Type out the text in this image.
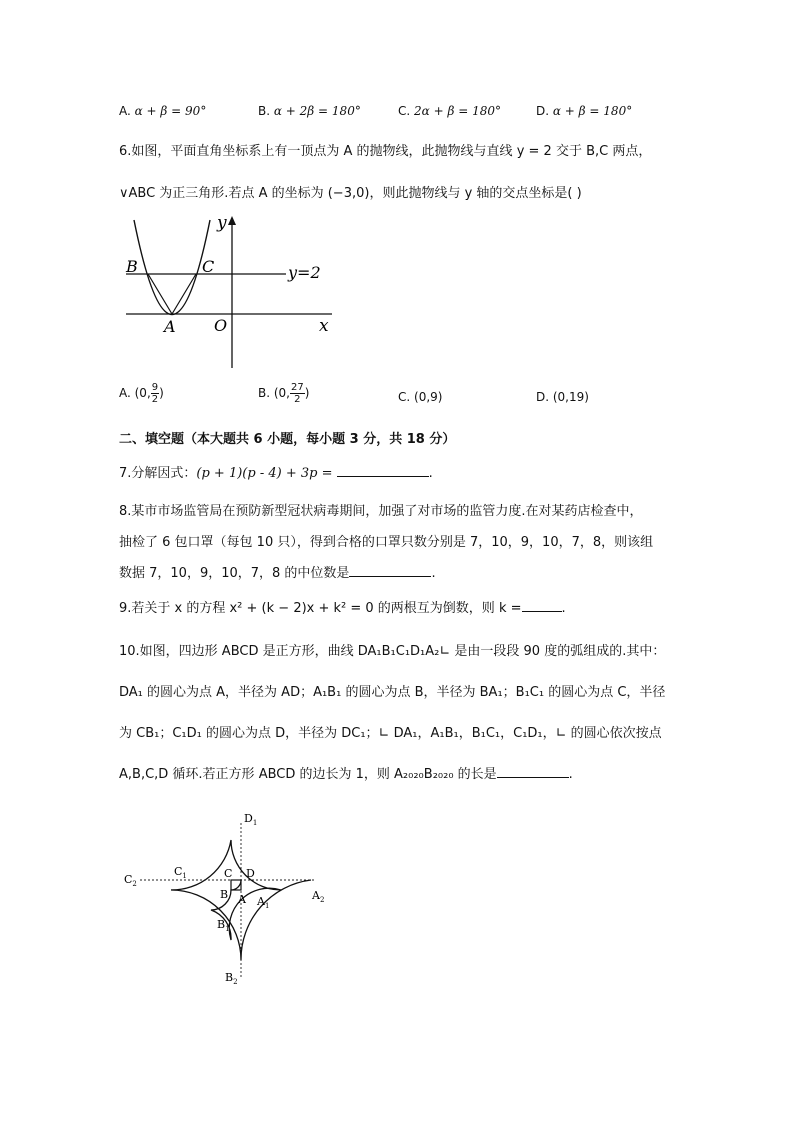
A. α + β = 90°	B. α + 2β = 180°	C. 2α + β = 180°	D. α + β = 180°
6.如图，平面直角坐标系上有一顶点为 A 的抛物线，此抛物线与直线 y = 2 交于 B,C 两点，
∨ABC 为正三角形.若点 A 的坐标为 (−3,0)，则此抛物线与 y 轴的交点坐标是( )
y
B	C	y=2
A O	x
A. (0, $\frac{9}{2}$ )	B. (0, $\frac{27}{2}$ )	C. (0,9)	D. (0,19)
二、填空题（本大题共 6 小题，每小题 3 分，共 18 分）
7.分解因式：(p + 1)(p - 4) + 3p =	.
8.某市市场监管局在预防新型冠状病毒期间，加强了对市场的监管力度.在对某药店检查中，
抽检了 6 包口罩（每包 10 只），得到合格的口罩只数分别是 7，10，9，10，7，8，则该组
数据 7，10，9，10，7，8 的中位数是	.
9.若关于 x 的方程 x² + (k − 2)x + k² = 0 的两根互为倒数，则 k =	.
10.如图，四边形 ABCD 是正方形，曲线 DA₁B₁C₁D₁A₂∟ 是由一段段 90 度的弧组成的.其中：
DA₁ 的圆心为点 A，半径为 AD；A₁B₁ 的圆心为点 B，半径为 BA₁；B₁C₁ 的圆心为点 C，半径
为 CB₁；C₁D₁ 的圆心为点 D，半径为 DC₁；∟ DA₁，A₁B₁，B₁C₁，C₁D₁，∟ 的圆心依次按点
A,B,C,D 循环.若正方形 ABCD 的边长为 1，则 A₂₀₂₀B₂₀₂₀ 的长是	.
$D_1$
$C_1$
$C_2$
C D
B A $A_1$
$A_2$
$B_1$
$B_2$
